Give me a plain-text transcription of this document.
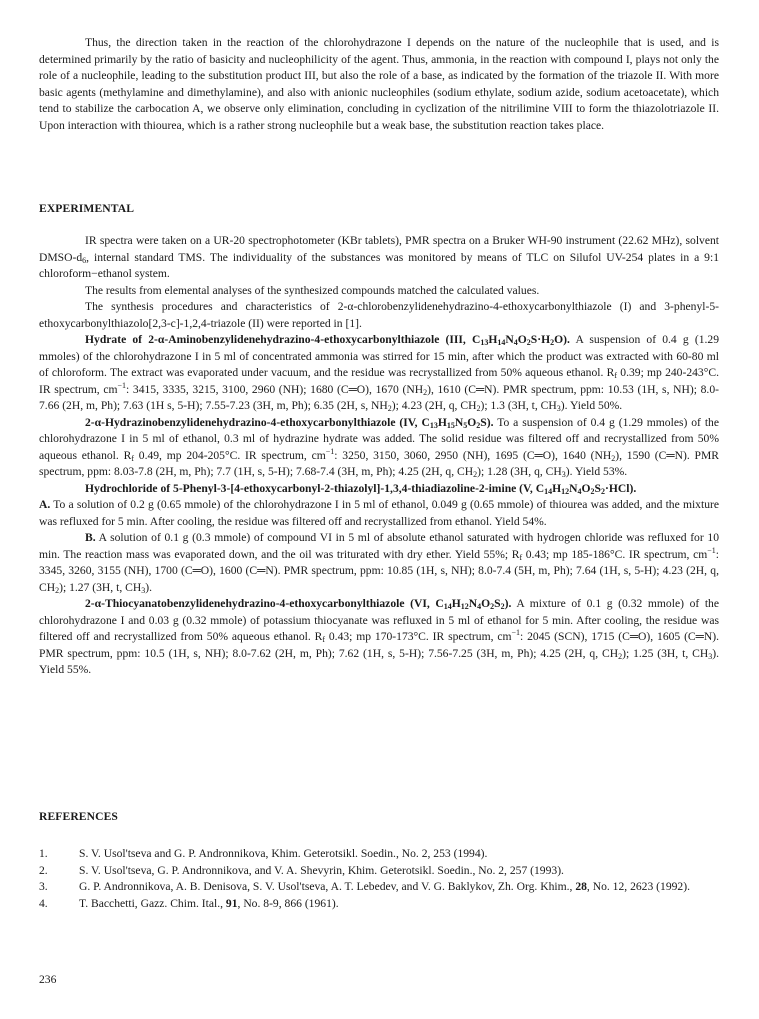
Thus, the direction taken in the reaction of the chlorohydrazone I depends on the nature of the nucleophile that is used, and is determined primarily by the ratio of basicity and nucleophilicity of the agent. Thus, ammonia, in the reaction with compound I, plays not only the role of a nucleophile, leading to the substitution product III, but also the role of a base, as indicated by the formation of the triazole II. With more basic agents (methylamine and dimethylamine), and also with anionic nucleophiles (sodium ethylate, sodium azide, sodium acetoacetate), which tend to stabilize the carbocation A, we observe only elimination, concluding in cyclization of the nitrilimine VIII to form the thiazolotriazole II. Upon interaction with thiourea, which is a rather strong nucleophile but a weak base, the substitution reaction takes place.

EXPERIMENTAL

IR spectra were taken on a UR-20 spectrophotometer (KBr tablets), PMR spectra on a Bruker WH-90 instrument (22.62 MHz), solvent DMSO-$d_6$, internal standard TMS. The individuality of the substances was monitored by means of TLC on Silufol UV-254 plates in a 9:1 chloroform−ethanol system.

The results from elemental analyses of the synthesized compounds matched the calculated values.

The synthesis procedures and characteristics of 2-α-chlorobenzylidenehydrazino-4-ethoxycarbonylthiazole (I) and 3-phenyl-5-ethoxycarbonylthiazolo[2,3-c]-1,2,4-triazole (II) were reported in [1].

Hydrate of 2-α-Aminobenzylidenehydrazino-4-ethoxycarbonylthiazole (III, $C_{13}H_{14}N_4O_2S\cdot H_2O$). A suspension of 0.4 g (1.29 mmoles) of the chlorohydrazone I in 5 ml of concentrated ammonia was stirred for 15 min, after which the product was extracted with 60-80 ml of chloroform. The extract was evaporated under vacuum, and the residue was recrystallized from 50% aqueous ethanol. $R_f$ 0.39; mp 240-243°C. IR spectrum, $cm^{-1}$: 3415, 3335, 3215, 3100, 2960 (NH); 1680 (C═O), 1670 $(NH_2)$, 1610 (C═N). PMR spectrum, ppm: 10.53 (1H, s, NH); 8.0-7.66 (2H, m, Ph); 7.63 (1H s, 5-H); 7.55-7.23 (3H, m, Ph); 6.35 (2H, s, $NH_2$); 4.23 (2H, q, $CH_2$); 1.3 (3H, t, $CH_3$). Yield 50%.

2-α-Hydrazinobenzylidenehydrazino-4-ethoxycarbonylthiazole (IV, $C_{13}H_{15}N_5O_2S$). To a suspension of 0.4 g (1.29 mmoles) of the chlorohydrazone I in 5 ml of ethanol, 0.3 ml of hydrazine hydrate was added. The solid residue was filtered off and recrystallized from 50% aqueous ethanol. $R_f$ 0.49, mp 204-205°C. IR spectrum, $cm^{-1}$: 3250, 3150, 3060, 2950 (NH), 1695 (C═O), 1640 $(NH_2)$, 1590 (C═N). PMR spectrum, ppm: 8.03-7.8 (2H, m, Ph); 7.7 (1H, s, 5-H); 7.68-7.4 (3H, m, Ph); 4.25 (2H, q, $CH_2$); 1.28 (3H, q, $CH_3$). Yield 53%.

Hydrochloride of 5-Phenyl-3-[4-ethoxycarbonyl-2-thiazolyl]-1,3,4-thiadiazoline-2-imine (V, $C_{14}H_{12}N_4O_2S_2\cdot HCl$).

A. To a solution of 0.2 g (0.65 mmole) of the chlorohydrazone I in 5 ml of ethanol, 0.049 g (0.65 mmole) of thiourea was added, and the mixture was refluxed for 5 min. After cooling, the residue was filtered off and recrystallized from ethanol. Yield 54%.

B. A solution of 0.1 g (0.3 mmole) of compound VI in 5 ml of absolute ethanol saturated with hydrogen chloride was refluxed for 10 min. The reaction mass was evaporated down, and the oil was triturated with dry ether. Yield 55%; $R_f$ 0.43; mp 185-186°C. IR spectrum, $cm^{-1}$: 3345, 3260, 3155 (NH), 1700 (C═O), 1600 (C═N). PMR spectrum, ppm: 10.85 (1H, s, NH); 8.0-7.4 (5H, m, Ph); 7.64 (1H, s, 5-H); 4.23 (2H, q, $CH_2$); 1.27 (3H, t, $CH_3$).

2-α-Thiocyanatobenzylidenehydrazino-4-ethoxycarbonylthiazole (VI, $C_{14}H_{12}N_4O_2S_2$). A mixture of 0.1 g (0.32 mmole) of the chlorohydrazone I and 0.03 g (0.32 mmole) of potassium thiocyanate was refluxed in 5 ml of ethanol for 5 min. After cooling, the residue was filtered off and recrystallized from 50% aqueous ethanol. $R_f$ 0.43; mp 170-173°C. IR spectrum, $cm^{-1}$: 2045 (SCN), 1715 (C═O), 1605 (C═N). PMR spectrum, ppm: 10.5 (1H, s, NH); 8.0-7.62 (2H, m, Ph); 7.62 (1H, s, 5-H); 7.56-7.25 (3H, m, Ph); 4.25 (2H, q, $CH_2$); 1.25 (3H, t, $CH_3$). Yield 55%.

REFERENCES

1.	S. V. Usol'tseva and G. P. Andronnikova, Khim. Geterotsikl. Soedin., No. 2, 253 (1994).
2.	S. V. Usol'tseva, G. P. Andronnikova, and V. A. Shevyrin, Khim. Geterotsikl. Soedin., No. 2, 257 (1993).
3.	G. P. Andronnikova, A. B. Denisova, S. V. Usol'tseva, A. T. Lebedev, and V. G. Baklykov, Zh. Org. Khim., 28, No. 12, 2623 (1992).
4.	T. Bacchetti, Gazz. Chim. Ital., 91, No. 8-9, 866 (1961).
236
